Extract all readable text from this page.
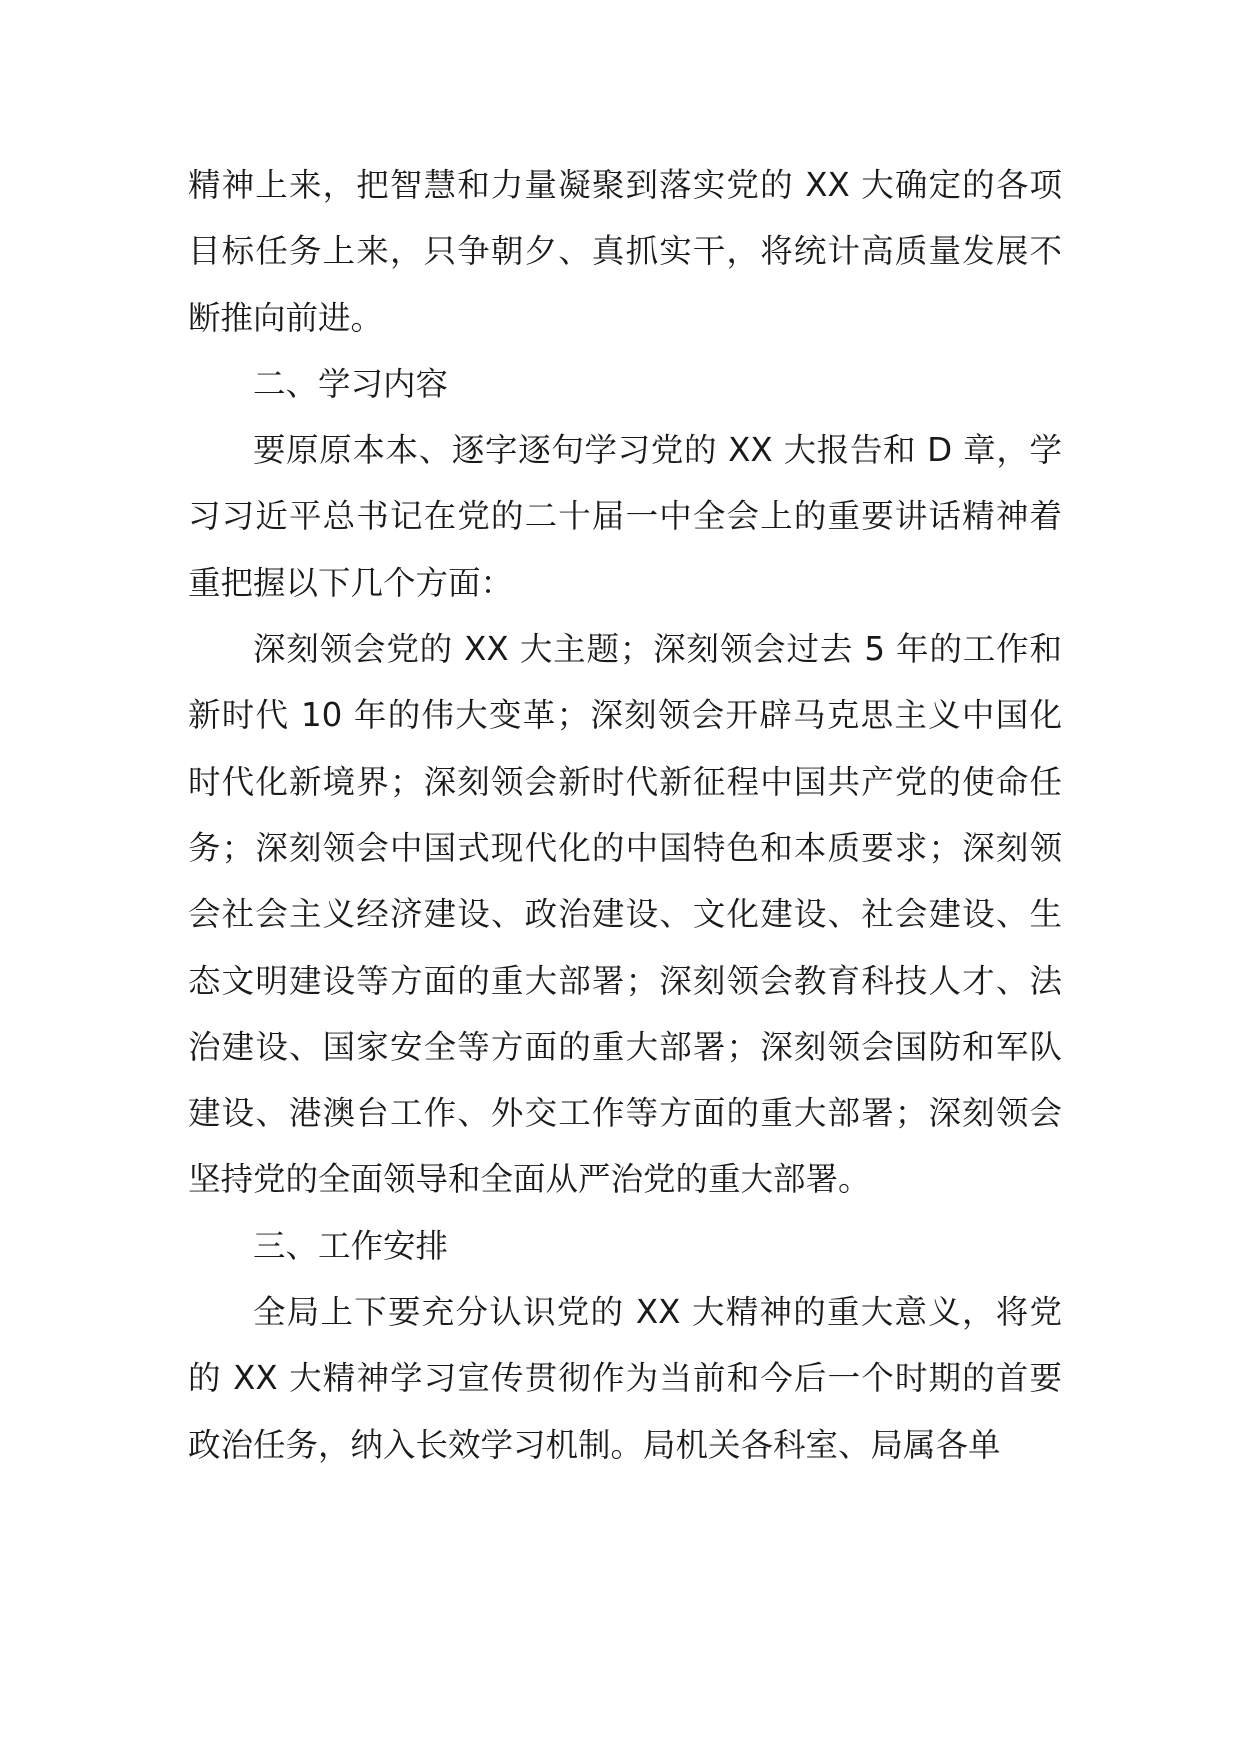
精神上来，把智慧和力量凝聚到落实党的 XX 大确定的各项目标任务上来，只争朝夕、真抓实干，将统计高质量发展不断推向前进。

二、学习内容

要原原本本、逐字逐句学习党的 XX 大报告和 D 章，学习习近平总书记在党的二十届一中全会上的重要讲话精神着重把握以下几个方面：

深刻领会党的 XX 大主题；深刻领会过去 5 年的工作和新时代 10 年的伟大变革；深刻领会开辟马克思主义中国化时代化新境界；深刻领会新时代新征程中国共产党的使命任务；深刻领会中国式现代化的中国特色和本质要求；深刻领会社会主义经济建设、政治建设、文化建设、社会建设、生态文明建设等方面的重大部署；深刻领会教育科技人才、法治建设、国家安全等方面的重大部署；深刻领会国防和军队建设、港澳台工作、外交工作等方面的重大部署；深刻领会坚持党的全面领导和全面从严治党的重大部署。

三、工作安排

全局上下要充分认识党的 XX 大精神的重大意义，将党的 XX 大精神学习宣传贯彻作为当前和今后一个时期的首要政治任务，纳入长效学习机制。局机关各科室、局属各单
